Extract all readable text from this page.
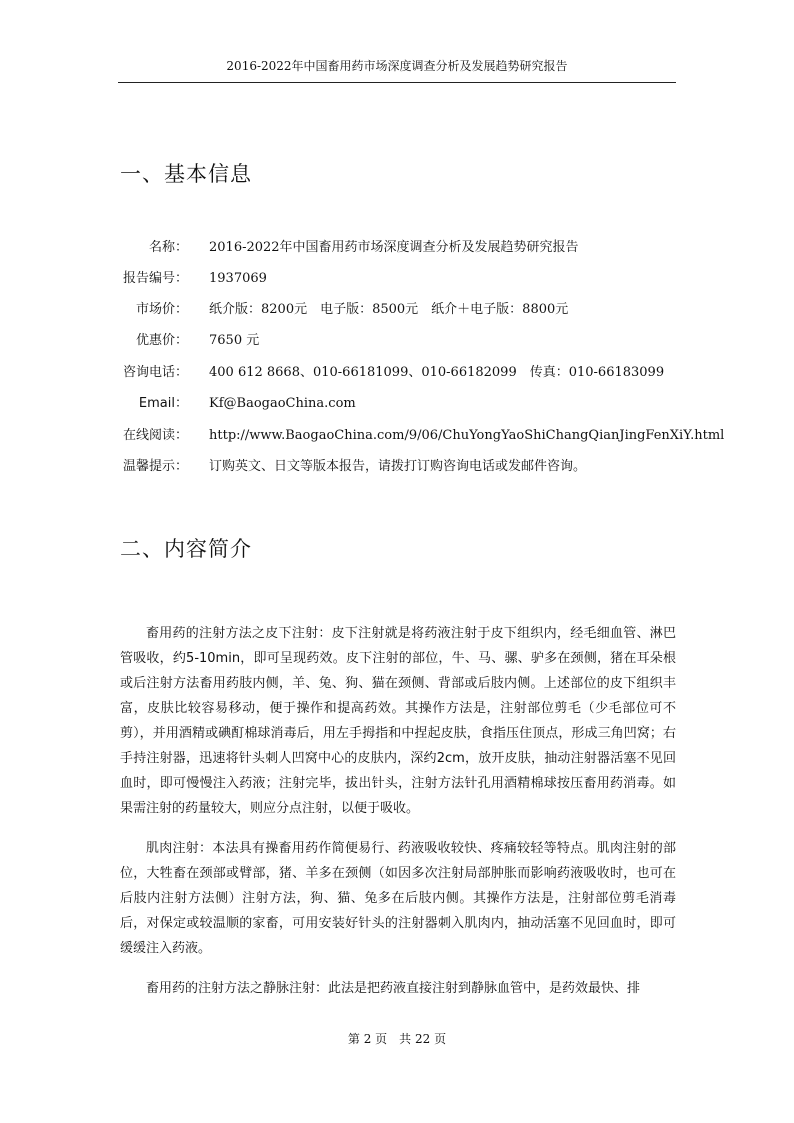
2016-2022年中国畜用药市场深度调查分析及发展趋势研究报告
一、基本信息
名称： 2016-2022年中国畜用药市场深度调查分析及发展趋势研究报告
报告编号： 1937069
市场价： 纸介版：8200元　电子版：8500元　纸介＋电子版：8800元
优惠价： 7650 元
咨询电话： 400 612 8668、010-66181099、010-66182099　传真：010-66183099
Email： Kf@BaogaoChina.com
在线阅读： http://www.BaogaoChina.com/9/06/ChuYongYaoShiChangQianJingFenXiY.html
温馨提示： 订购英文、日文等版本报告，请拨打订购咨询电话或发邮件咨询。
二、内容简介

畜用药的注射方法之皮下注射：皮下注射就是将药液注射于皮下组织内，经毛细血管、淋巴管吸收，约5-10min，即可呈现药效。皮下注射的部位，牛、马、骡、驴多在颈侧，猪在耳朵根或后注射方法畜用药肢内侧，羊、兔、狗、猫在颈侧、背部或后肢内侧。上述部位的皮下组织丰富，皮肤比较容易移动，便于操作和提高药效。其操作方法是，注射部位剪毛（少毛部位可不剪），并用酒精或碘酊棉球消毒后，用左手拇指和中捏起皮肤，食指压住顶点，形成三角凹窝；右手持注射器，迅速将针头刺人凹窝中心的皮肤内，深约2cm，放开皮肤，抽动注射器活塞不见回血时，即可慢慢注入药液；注射完毕，拔出针头，注射方法针孔用酒精棉球按压畜用药消毒。如果需注射的药量较大，则应分点注射，以便于吸收。

肌肉注射：本法具有操畜用药作简便易行、药液吸收较快、疼痛较轻等特点。肌肉注射的部位，大牲畜在颈部或臂部，猪、羊多在颈侧（如因多次注射局部肿胀而影响药液吸收时，也可在后肢内注射方法侧）注射方法，狗、猫、兔多在后肢内侧。其操作方法是，注射部位剪毛消毒后，对保定或较温顺的家畜，可用安装好针头的注射器刺入肌肉内，抽动活塞不见回血时，即可缓缓注入药液。

畜用药的注射方法之静脉注射：此法是把药液直接注射到静脉血管中，是药效最快、排

第 2 页　共 22 页
